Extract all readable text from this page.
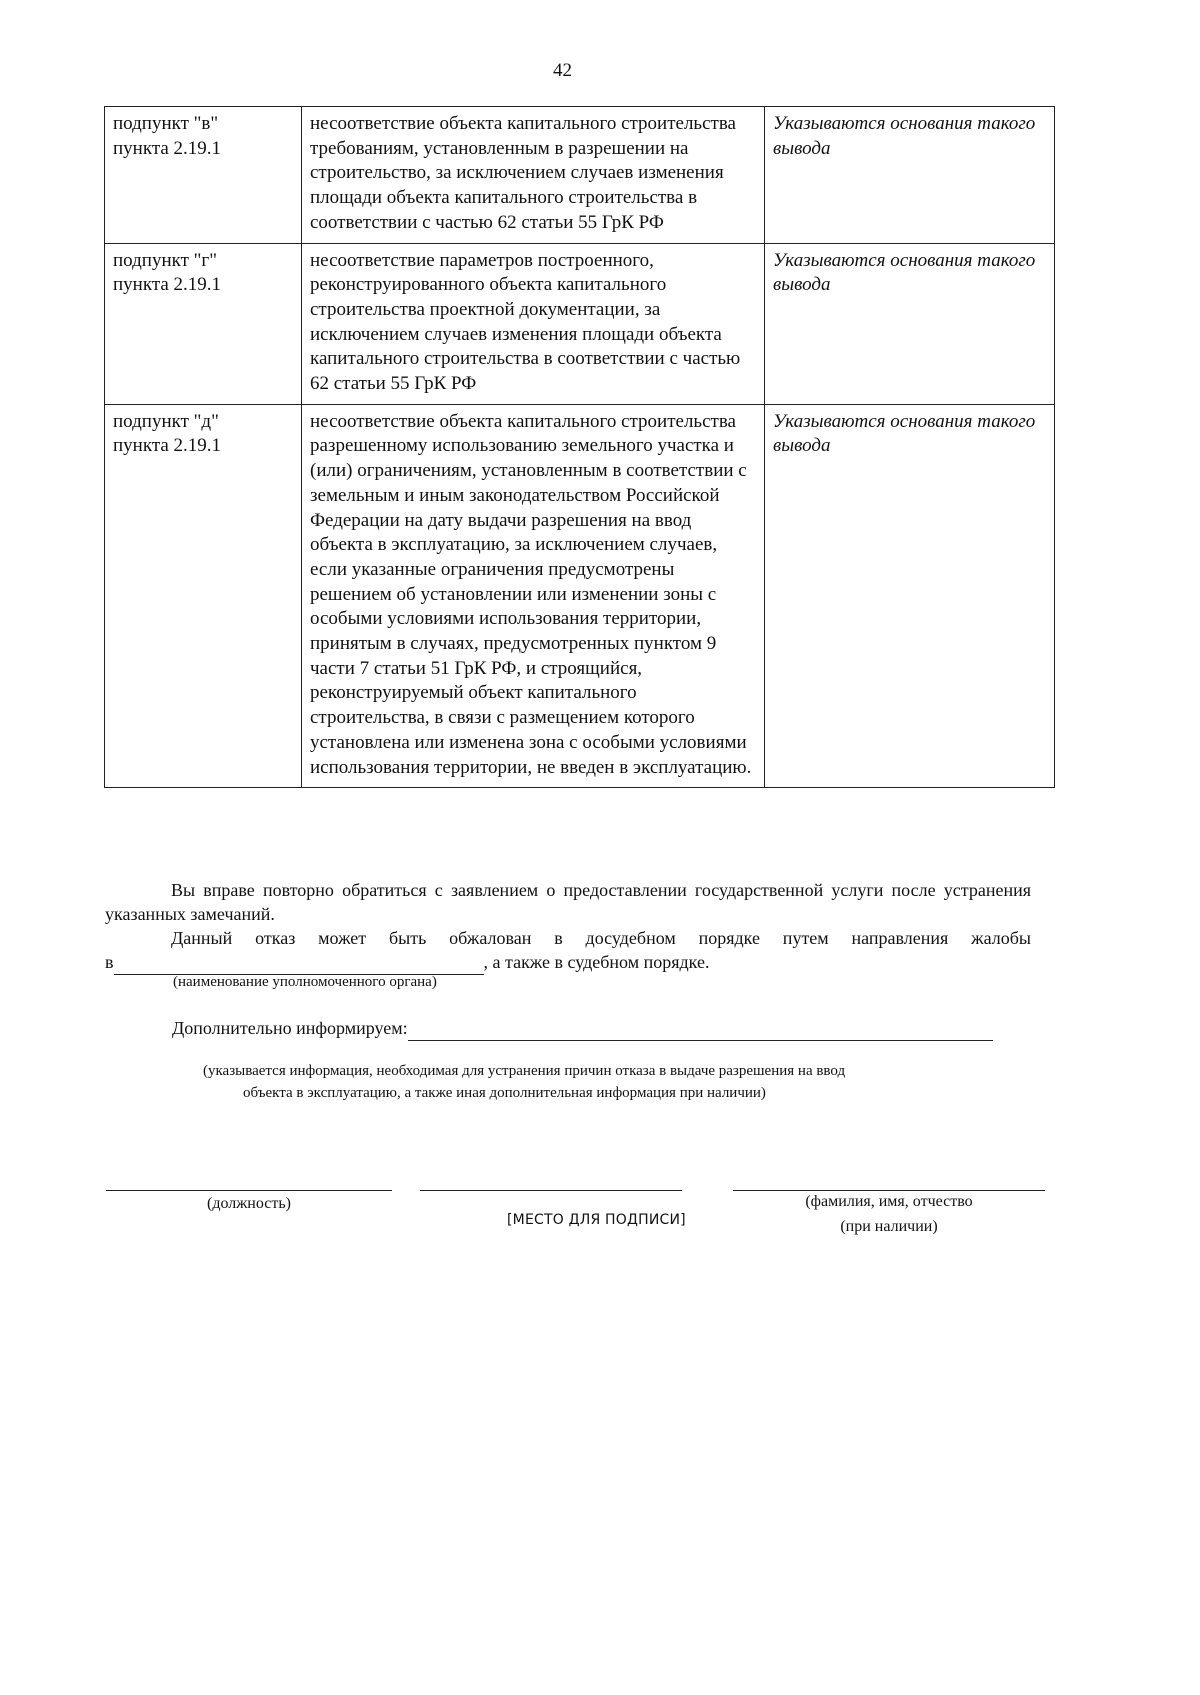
42
подпункт "в"
пункта 2.19.1	несоответствие объекта капитального строительства требованиям, установленным в разрешении на строительство, за исключением случаев изменения площади объекта капитального строительства в соответствии с частью 62 статьи 55 ГрК РФ	Указываются основания такого вывода
подпункт "г"
пункта 2.19.1	несоответствие параметров построенного, реконструированного объекта капитального строительства проектной документации, за исключением случаев изменения площади объекта капитального строительства в соответствии с частью 62 статьи 55 ГрК РФ	Указываются основания такого вывода
подпункт "д"
пункта 2.19.1	несоответствие объекта капитального строительства разрешенному использованию земельного участка и (или) ограничениям, установленным в соответствии с земельным и иным законодательством Российской Федерации на дату выдачи разрешения на ввод объекта в эксплуатацию, за исключением случаев, если указанные ограничения предусмотрены решением об установлении или изменении зоны с особыми условиями использования территории, принятым в случаях, предусмотренных пунктом 9 части 7 статьи 51 ГрК РФ, и строящийся, реконструируемый объект капитального строительства, в связи с размещением которого установлена или изменена зона с особыми условиями использования территории, не введен в эксплуатацию.	Указываются основания такого вывода
Вы вправе повторно обратиться с заявлением о предоставлении государственной услуги после устранения указанных замечаний.
Данный отказ может быть обжалован в досудебном порядке путем направления жалобы
в	, а также в судебном порядке.
(наименование уполномоченного органа)
Дополнительно информируем:
(указывается информация, необходимая для устранения причин отказа в выдаче разрешения на ввод
объекта в эксплуатацию, а также иная дополнительная информация при наличии)
(должность)
[МЕСТО ДЛЯ ПОДПИСИ]
(фамилия, имя, отчество
(при наличии)
